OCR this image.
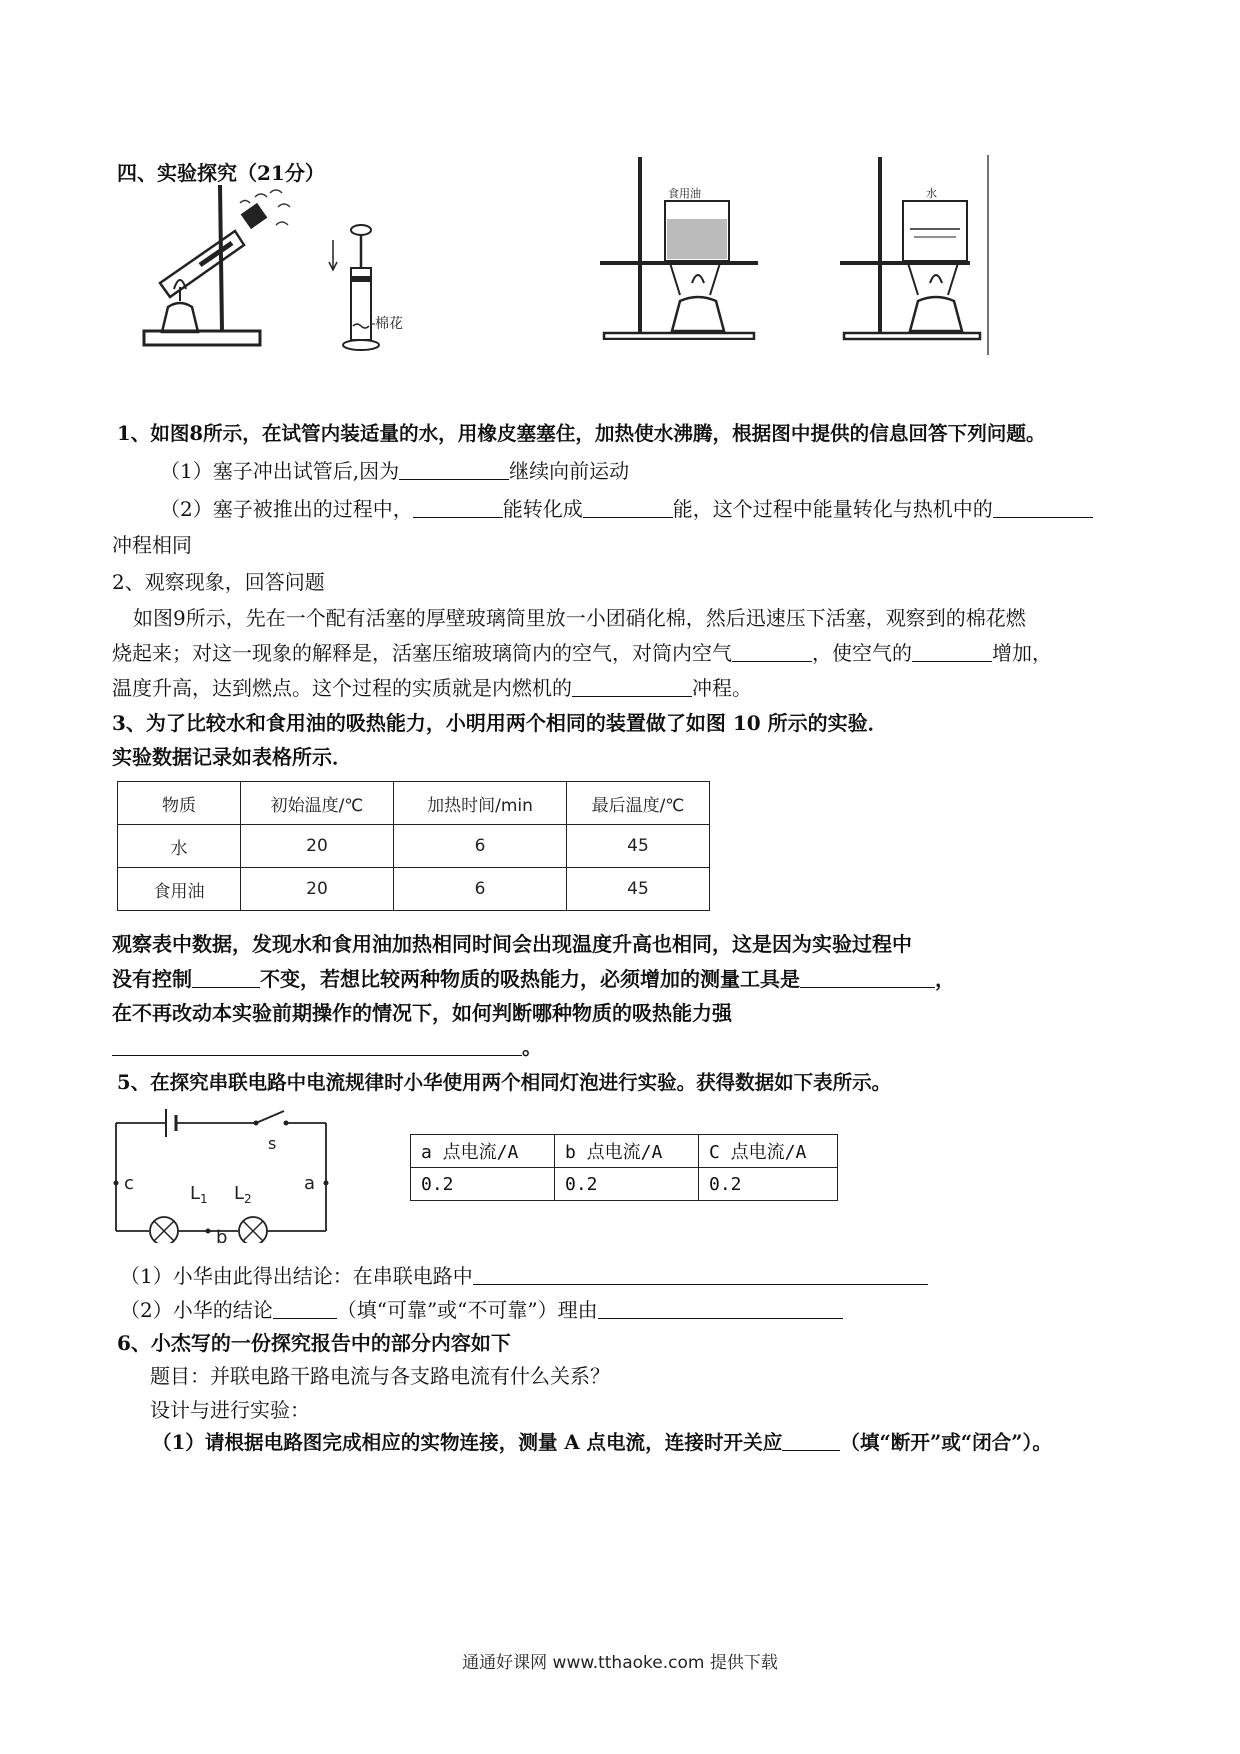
四、实验探究（21分）
棉花
食用油	水
1、如图8所示，在试管内装适量的水，用橡皮塞塞住，加热使水沸腾，根据图中提供的信息回答下列问题。
（1）塞子冲出试管后,因为	继续向前运动
（2）塞子被推出的过程中，	能转化成	能，这个过程中能量转化与热机中的
冲程相同
2、观察现象，回答问题
如图9所示，先在一个配有活塞的厚壁玻璃筒里放一小团硝化棉，然后迅速压下活塞，观察到的棉花燃
烧起来；对这一现象的解释是，活塞压缩玻璃筒内的空气，对筒内空气	，使空气的	增加，
温度升高，达到燃点。这个过程的实质就是内燃机的	冲程。
3、为了比较水和食用油的吸热能力，小明用两个相同的装置做了如图 10 所示的实验．
实验数据记录如表格所示．
物质	初始温度/℃	加热时间/min	最后温度/℃
水	20	6	45
食用油	20	6	45
观察表中数据，发现水和食用油加热相同时间会出现温度升高也相同，这是因为实验过程中
没有控制	不变，若想比较两种物质的吸热能力，必须增加的测量工具是	，
在不再改动本实验前期操作的情况下，如何判断哪种物质的吸热能力强
。
5、在探究串联电路中电流规律时小华使用两个相同灯泡进行实验。获得数据如下表所示。
s
c	a
b
$L_1$ $L_2$
a 点电流/A	b 点电流/A	C 点电流/A
0.2	0.2	0.2
（1）小华由此得出结论：在串联电路中
（2）小华的结论	（填“可靠”或“不可靠”）理由
6、小杰写的一份探究报告中的部分内容如下
题目：并联电路干路电流与各支路电流有什么关系？
设计与进行实验：
（1）请根据电路图完成相应的实物连接，测量 A 点电流，连接时开关应	（填“断开”或“闭合”）。
通通好课网 www.tthaoke.com 提供下载
